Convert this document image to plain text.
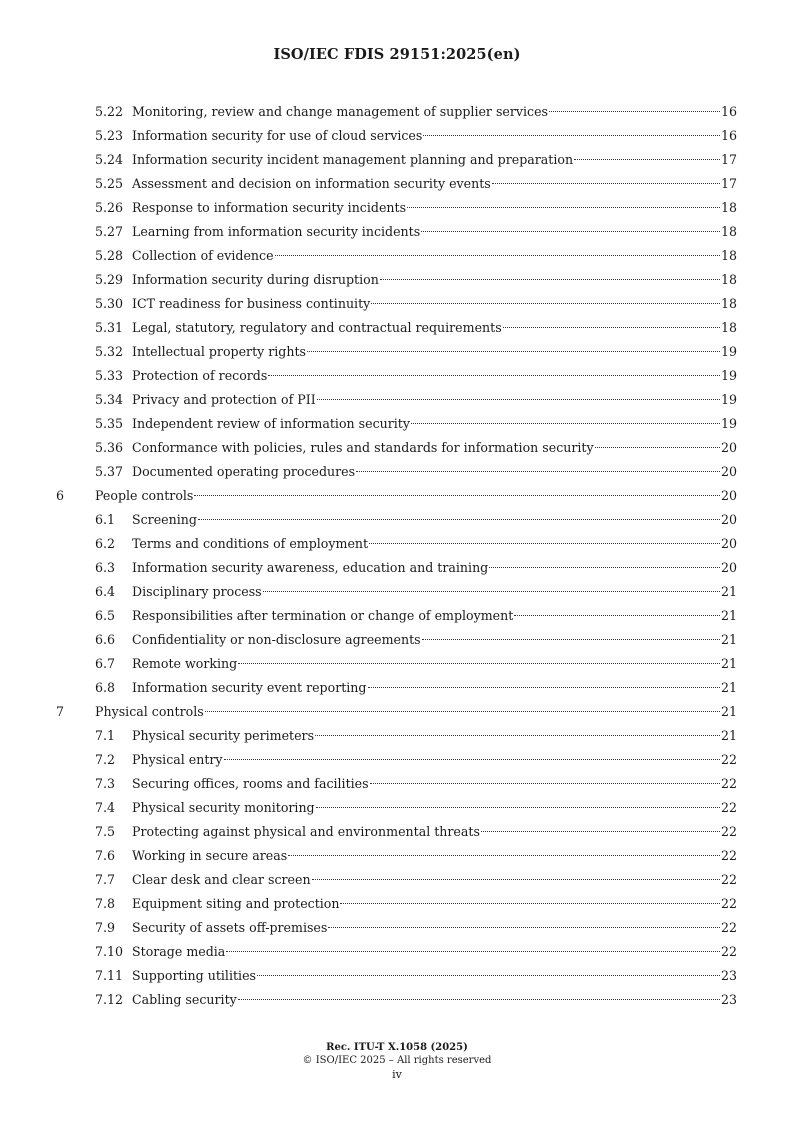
ISO/IEC FDIS 29151:2025(en)
5.22 Monitoring, review and change management of supplier services	16
5.23 Information security for use of cloud services	16
5.24 Information security incident management planning and preparation	17
5.25 Assessment and decision on information security events	17
5.26 Response to information security incidents	18
5.27 Learning from information security incidents	18
5.28 Collection of evidence	18
5.29 Information security during disruption	18
5.30 ICT readiness for business continuity	18
5.31 Legal, statutory, regulatory and contractual requirements	18
5.32 Intellectual property rights	19
5.33 Protection of records	19
5.34 Privacy and protection of PII	19
5.35 Independent review of information security	19
5.36 Conformance with policies, rules and standards for information security	20
5.37 Documented operating procedures	20
6 People controls	20
6.1 Screening	20
6.2 Terms and conditions of employment	20
6.3 Information security awareness, education and training	20
6.4 Disciplinary process	21
6.5 Responsibilities after termination or change of employment	21
6.6 Confidentiality or non-disclosure agreements	21
6.7 Remote working	21
6.8 Information security event reporting	21
7 Physical controls	21
7.1 Physical security perimeters	21
7.2 Physical entry	22
7.3 Securing offices, rooms and facilities	22
7.4 Physical security monitoring	22
7.5 Protecting against physical and environmental threats	22
7.6 Working in secure areas	22
7.7 Clear desk and clear screen	22
7.8 Equipment siting and protection	22
7.9 Security of assets off-premises	22
7.10 Storage media	22
7.11 Supporting utilities	23
7.12 Cabling security	23
Rec. ITU-T X.1058 (2025)
© ISO/IEC 2025 – All rights reserved
iv
